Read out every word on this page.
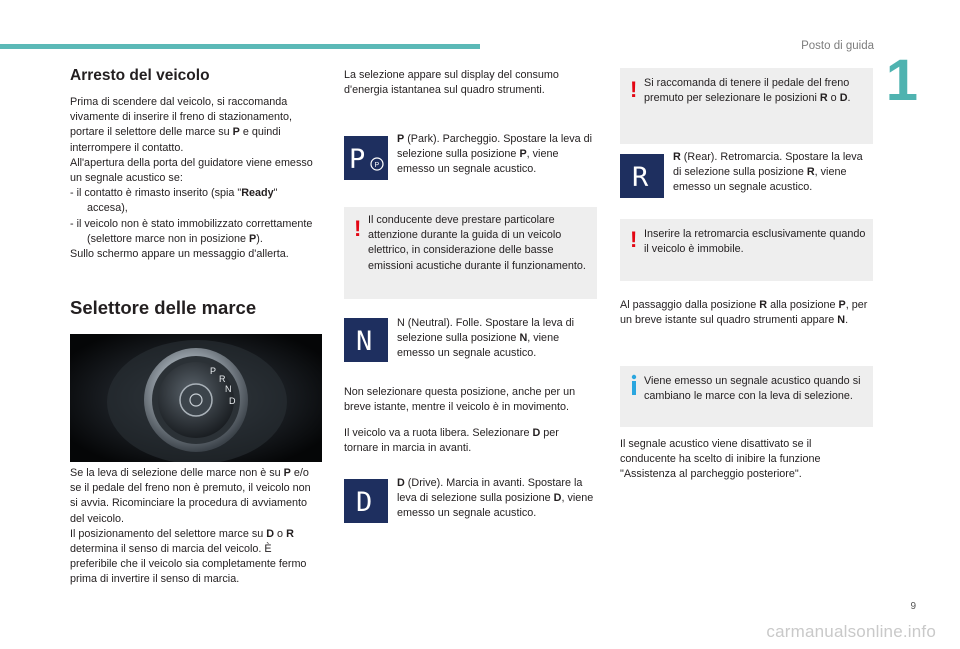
Posto di guida
1
Arresto del veicolo
Prima di scendere dal veicolo, si raccomanda vivamente di inserire il freno di stazionamento, portare il selettore delle marce su P e quindi interrompere il contatto.
All'apertura della porta del guidatore viene emesso un segnale acustico se:
- il contatto è rimasto inserito (spia "Ready" accesa),
- il veicolo non è stato immobilizzato correttamente (selettore marce non in posizione P).
Sullo schermo appare un messaggio d'allerta.
Selettore delle marce
P
R
N
D
Se la leva di selezione delle marce non è su P e/o se il pedale del freno non è premuto, il veicolo non si avvia. Ricominciare la procedura di avviamento del veicolo.
Il posizionamento del selettore marce su D o R determina il senso di marcia del veicolo. È preferibile che il veicolo sia completamente fermo prima di invertire il senso di marcia.
La selezione appare sul display del consumo d'energia istantanea sul quadro strumenti.
P P
P (Park). Parcheggio. Spostare la leva di selezione sulla posizione P, viene emesso un segnale acustico.
! Il conducente deve prestare particolare attenzione durante la guida di un veicolo elettrico, in considerazione delle basse emissioni acustiche durante il funzionamento.
N
N (Neutral). Folle. Spostare la leva di selezione sulla posizione N, viene emesso un segnale acustico.
Non selezionare questa posizione, anche per un breve istante, mentre il veicolo è in movimento.
Il veicolo va a ruota libera. Selezionare D per tornare in marcia in avanti.
D
D (Drive). Marcia in avanti. Spostare la leva di selezione sulla posizione D, viene emesso un segnale acustico.
! Si raccomanda di tenere il pedale del freno premuto per selezionare le posizioni R o D.
R
R (Rear). Retromarcia. Spostare la leva di selezione sulla posizione R, viene emesso un segnale acustico.
! Inserire la retromarcia esclusivamente quando il veicolo è immobile.
Al passaggio dalla posizione R alla posizione P, per un breve istante sul quadro strumenti appare N.
Viene emesso un segnale acustico quando si cambiano le marce con la leva di selezione.
Il segnale acustico viene disattivato se il conducente ha scelto di inibire la funzione "Assistenza al parcheggio posteriore".
9
carmanualsonline.info
